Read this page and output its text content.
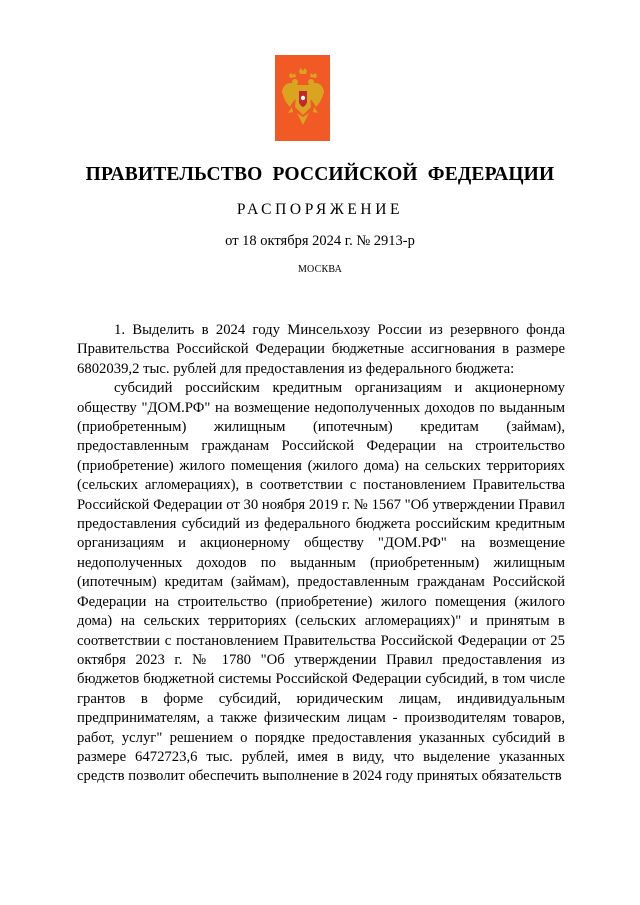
ПРАВИТЕЛЬСТВО  РОССИЙСКОЙ  ФЕДЕРАЦИИ
РАСПОРЯЖЕНИЕ
от 18 октября 2024 г. № 2913-р
МОСКВА

1. Выделить в 2024 году Минсельхозу России из резервного фонда Правительства Российской Федерации бюджетные ассигнования в размере 6802039,2 тыс. рублей для предоставления из федерального бюджета:

субсидий российским кредитным организациям и акционерному обществу "ДОМ.РФ" на возмещение недополученных доходов по выданным (приобретенным) жилищным (ипотечным) кредитам (займам), предоставленным гражданам Российской Федерации на строительство (приобретение) жилого помещения (жилого дома) на сельских территориях (сельских агломерациях), в соответствии с постановлением Правительства Российской Федерации от 30 ноября 2019 г. № 1567 "Об утверждении Правил предоставления субсидий из федерального бюджета российским кредитным организациям и акционерному обществу "ДОМ.РФ" на возмещение недополученных доходов по выданным (приобретенным) жилищным (ипотечным) кредитам (займам), предоставленным гражданам Российской Федерации на строительство (приобретение) жилого помещения (жилого дома) на сельских территориях (сельских агломерациях)" и принятым в соответствии с постановлением Правительства Российской Федерации от 25 октября 2023 г. № 1780 "Об утверждении Правил предоставления из бюджетов бюджетной системы Российской Федерации субсидий, в том числе грантов в форме субсидий, юридическим лицам, индивидуальным предпринимателям, а также физическим лицам - производителям товаров, работ, услуг" решением о порядке предоставления указанных субсидий в размере 6472723,6 тыс. рублей, имея в виду, что выделение указанных средств позволит обеспечить выполнение в 2024 году принятых обязательств
